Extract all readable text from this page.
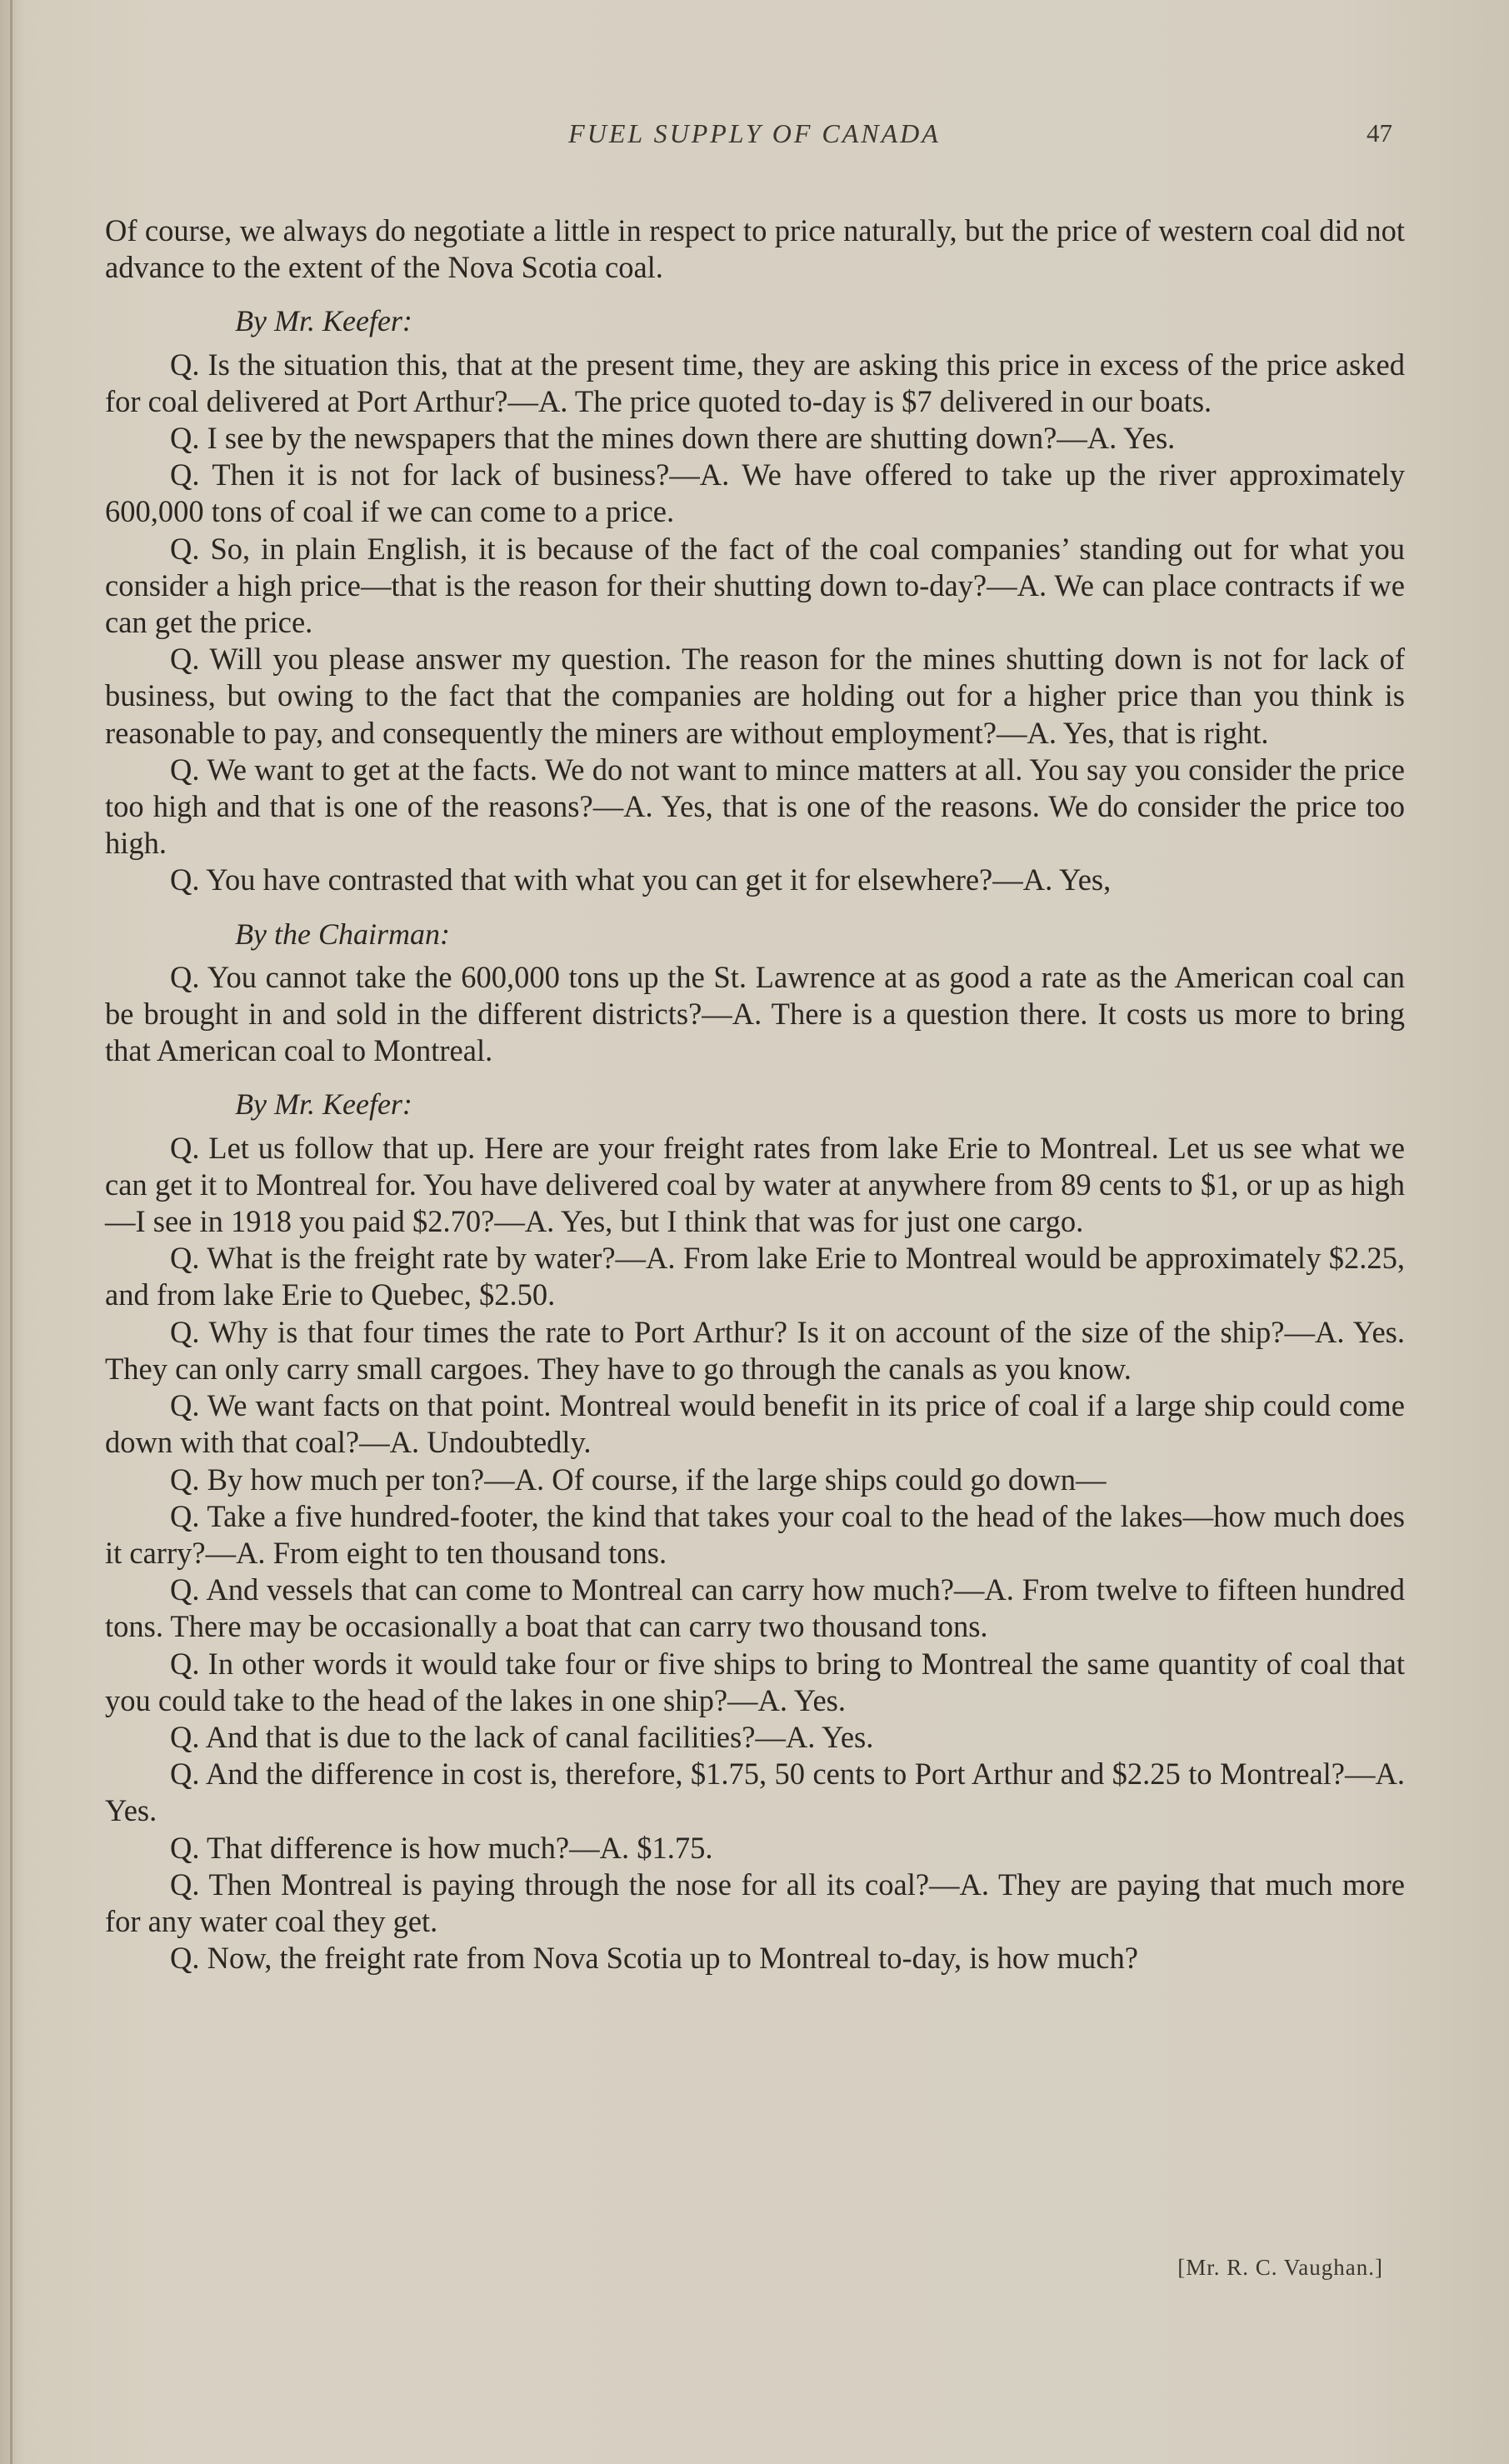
FUEL SUPPLY OF CANADA	47

Of course, we always do negotiate a little in respect to price naturally, but the price of western coal did not advance to the extent of the Nova Scotia coal.

By Mr. Keefer:

Q. Is the situation this, that at the present time, they are asking this price in excess of the price asked for coal delivered at Port Arthur?—A. The price quoted to-day is $7 delivered in our boats.

Q. I see by the newspapers that the mines down there are shutting down?—A. Yes.

Q. Then it is not for lack of business?—A. We have offered to take up the river approximately 600,000 tons of coal if we can come to a price.

Q. So, in plain English, it is because of the fact of the coal companies’ standing out for what you consider a high price—that is the reason for their shutting down to-day?—A. We can place contracts if we can get the price.

Q. Will you please answer my question. The reason for the mines shutting down is not for lack of business, but owing to the fact that the companies are holding out for a higher price than you think is reasonable to pay, and consequently the miners are without employment?—A. Yes, that is right.

Q. We want to get at the facts. We do not want to mince matters at all. You say you consider the price too high and that is one of the reasons?—A. Yes, that is one of the reasons. We do consider the price too high.

Q. You have contrasted that with what you can get it for elsewhere?—A. Yes,

By the Chairman:

Q. You cannot take the 600,000 tons up the St. Lawrence at as good a rate as the American coal can be brought in and sold in the different districts?—A. There is a question there. It costs us more to bring that American coal to Montreal.

By Mr. Keefer:

Q. Let us follow that up. Here are your freight rates from lake Erie to Montreal. Let us see what we can get it to Montreal for. You have delivered coal by water at anywhere from 89 cents to $1, or up as high—I see in 1918 you paid $2.70?—A. Yes, but I think that was for just one cargo.

Q. What is the freight rate by water?—A. From lake Erie to Montreal would be approximately $2.25, and from lake Erie to Quebec, $2.50.

Q. Why is that four times the rate to Port Arthur? Is it on account of the size of the ship?—A. Yes. They can only carry small cargoes. They have to go through the canals as you know.

Q. We want facts on that point. Montreal would benefit in its price of coal if a large ship could come down with that coal?—A. Undoubtedly.

Q. By how much per ton?—A. Of course, if the large ships could go down—

Q. Take a five hundred-footer, the kind that takes your coal to the head of the lakes—how much does it carry?—A. From eight to ten thousand tons.

Q. And vessels that can come to Montreal can carry how much?—A. From twelve to fifteen hundred tons. There may be occasionally a boat that can carry two thousand tons.

Q. In other words it would take four or five ships to bring to Montreal the same quantity of coal that you could take to the head of the lakes in one ship?—A. Yes.

Q. And that is due to the lack of canal facilities?—A. Yes.

Q. And the difference in cost is, therefore, $1.75, 50 cents to Port Arthur and $2.25 to Montreal?—A. Yes.

Q. That difference is how much?—A. $1.75.

Q. Then Montreal is paying through the nose for all its coal?—A. They are paying that much more for any water coal they get.

Q. Now, the freight rate from Nova Scotia up to Montreal to-day, is how much?

[Mr. R. C. Vaughan.]
